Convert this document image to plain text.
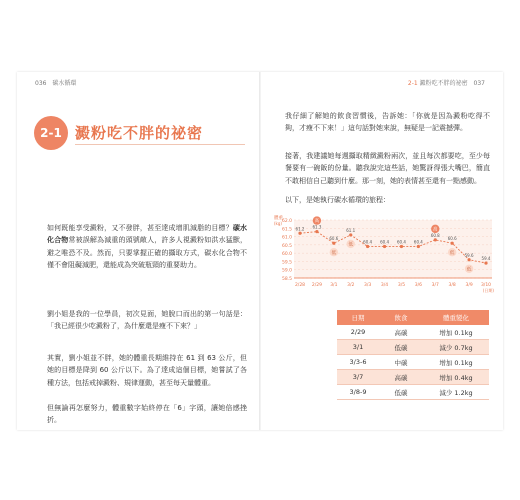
036 碳水循環
2-1 澱粉吃不胖的祕密
如何既能享受澱粉，又不發胖，甚至達成增肌減脂的目標？碳水化合物常被誤解為減重的頭號敵人，許多人視澱粉如洪水猛獸，避之唯恐不及。然而，只要掌握正確的攝取方式，碳水化合物不僅不會阻礙減肥，還能成為突破瓶頸的重要助力。
劉小姐是我的一位學員，初次見面，她脫口而出的第一句話是：「我已經很少吃澱粉了，為什麼還是瘦不下來？」
其實，劉小姐並不胖，她的體重長期維持在 61 到 63 公斤，但她的目標是降到 60 公斤以下。為了達成這個目標，她嘗試了各種方法，包括戒掉澱粉、規律運動，甚至每天量體重。
但無論再怎麼努力，體重數字始終停在「6」字頭，讓她倍感挫折。
2-1 澱粉吃不胖的祕密 037
我仔細了解她的飲食習慣後，告訴她：「你就是因為澱粉吃得不夠，才瘦不下來！」這句話對她來說，無疑是一記震撼彈。
接著，我建議她每週攝取精緻澱粉兩次，並且每次都要吃，至少每餐要有一碗飯的份量。聽我說完這些話，她驚訝得張大嘴巴，簡直不敢相信自己聽到什麼。那一刻，她的表情甚至還有一點感動。
以下，是她執行碳水循環的旅程：
62.0
61.5
61.0
60.5
60.0
59.5
59.0
58.5
體重
(kg)
2/28 2/29 3/1 3/2 3/3 3/4 3/5 3/6 3/7 3/8 3/9 3/10
(日期)
61.2 61.3
60.6
61.1
60.4 60.4 60.4 60.4
60.8
60.6
59.6
59.4
高
低
低
高
低
低
日期	飲食	體重變化
2/29	高碳	增加 0.1kg
3/1	低碳	減少 0.7kg
3/3-6	中碳	增加 0.1kg
3/7	高碳	增加 0.4kg
3/8-9	低碳	減少 1.2kg
